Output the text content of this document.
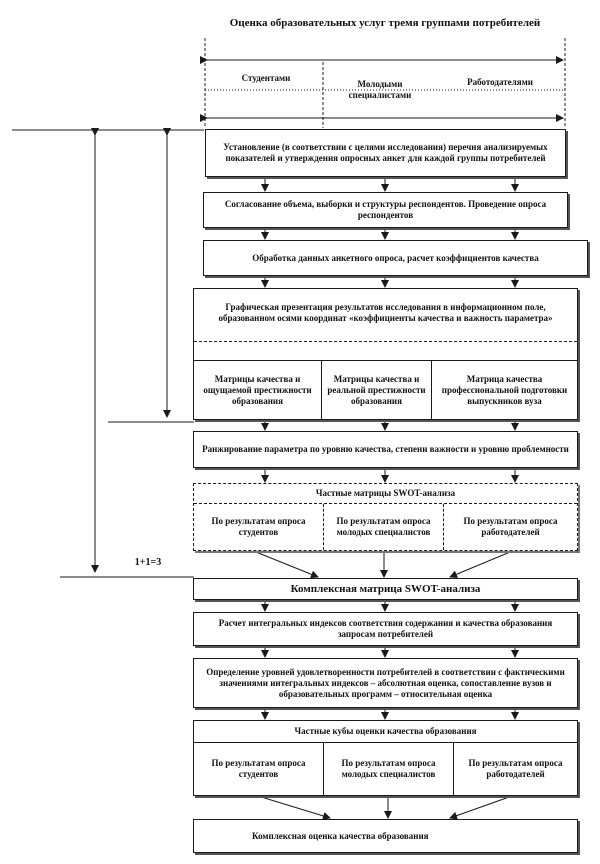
Оценка образовательных услуг тремя группами потребителей
Студентами
Молодыми специалистами
Работодателями
Установление (в соответствии с целями исследования) перечня анализируемых показателей и утверждения опросных анкет для каждой группы потребителей
Согласование объема, выборки и структуры респондентов. Проведение опроса респондентов
Обработка данных анкетного опроса, расчет коэффициентов качества
Графическая презентация результатов исследования в информационном поле, образованном осями координат «коэффициенты качества и важность параметра»
Матрицы качества и ощущаемой престижности образования
Матрицы качества и реальной престижности образования
Матрица качества профессиональной подготовки выпускников вуза
Ранжирование параметра по уровню качества, степени важности и уровню проблемности
Частные матрицы SWOT-анализа
По результатам опроса студентов
По результатам опроса молодых специалистов
По результатам опроса работодателей
1+1=3
Комплексная матрица SWOT-анализа
Расчет интегральных индексов соответствия содержания и качества образования запросам потребителей
Определение уровней удовлетворенности потребителей в соответствии с фактическими значениями интегральных индексов – абсолютная оценка, сопоставление вузов и образовательных программ – относительная оценка
Частные кубы оценки качества образования
По результатам опроса студентов
По результатам опроса молодых специалистов
По результатам опроса работодателей
Комплексная оценка качества образования
